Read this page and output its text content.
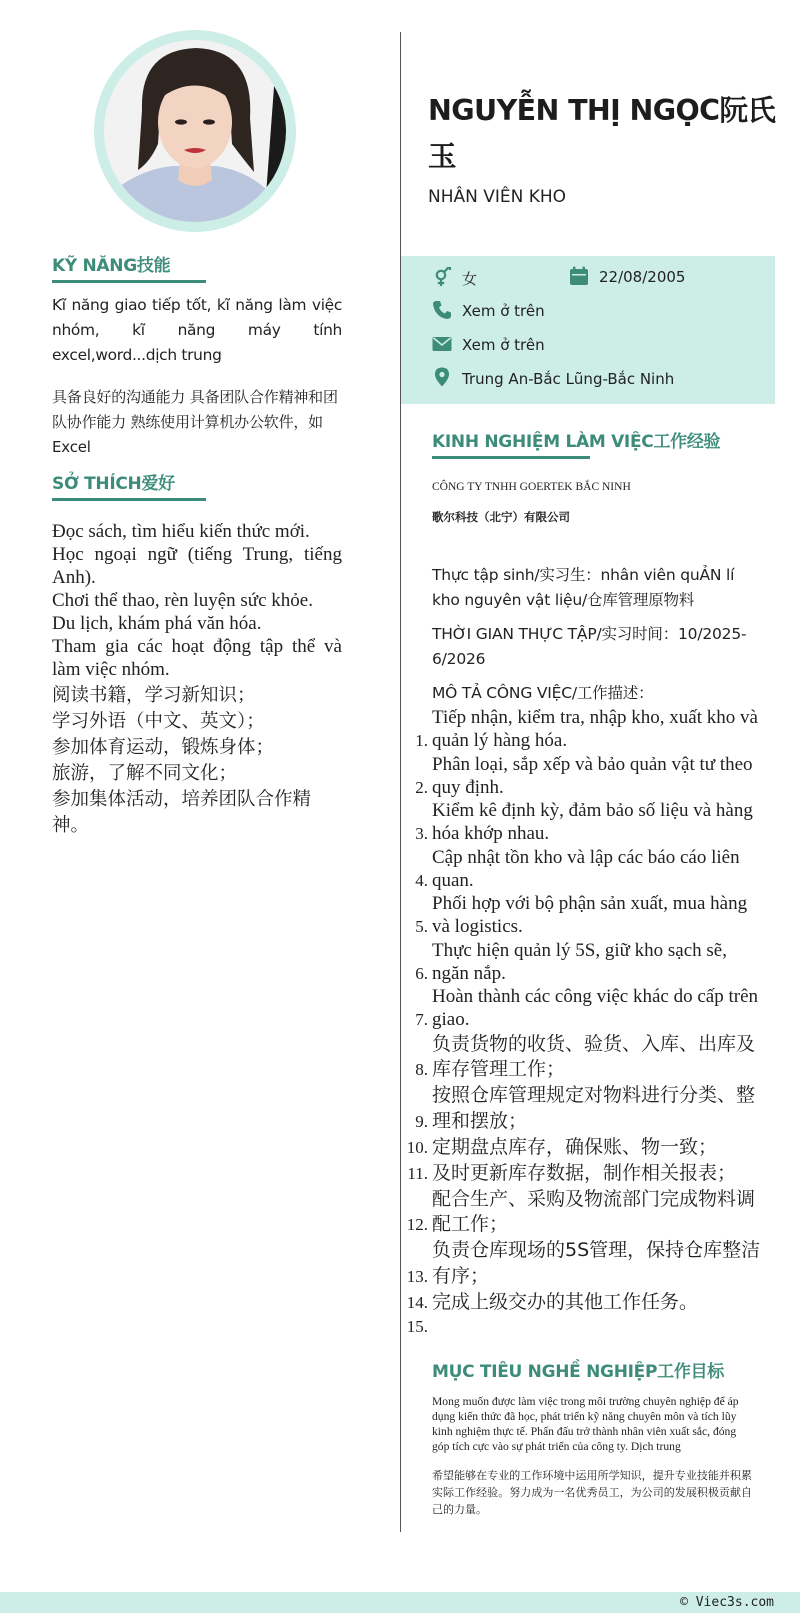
KỸ NĂNG技能
Kĩ năng giao tiếp tốt, kĩ năng làm việc nhóm, kĩ năng máy tính excel,word...dịch trung
具备良好的沟通能力 具备团队合作精神和团队协作能力 熟练使用计算机办公软件，如 Excel
SỞ THÍCH爱好
Đọc sách, tìm hiểu kiến thức mới.
Học ngoại ngữ (tiếng Trung, tiếng Anh).
Chơi thể thao, rèn luyện sức khỏe.
Du lịch, khám phá văn hóa.
Tham gia các hoạt động tập thể và làm việc nhóm.
阅读书籍，学习新知识；
学习外语（中文、英文）；
参加体育运动，锻炼身体；
旅游，了解不同文化；
参加集体活动，培养团队合作精神。
NGUYỄN THỊ NGỌC阮氏
玉
NHÂN VIÊN KHO
女	22/08/2005
Xem ở trên
Xem ở trên
Trung An-Bắc Lũng-Bắc Ninh
KINH NGHIỆM LÀM VIỆC工作经验
CÔNG TY TNHH GOERTEK BẮC NINH
歌尔科技（北宁）有限公司
Thực tập sinh/实习生：nhân viên quẢN lí kho nguyên vật liệu/仓库管理原物料
THỜI GIAN THỰC TẬP/实习时间：10/2025-6/2026
MÔ TẢ CÔNG VIỆC/工作描述：
1.
Tiếp nhận, kiểm tra, nhập kho, xuất kho và quản lý hàng hóa.
2.
Phân loại, sắp xếp và bảo quản vật tư theo quy định.
3.
Kiểm kê định kỳ, đảm bảo số liệu và hàng hóa khớp nhau.
4.
Cập nhật tồn kho và lập các báo cáo liên quan.
5.
Phối hợp với bộ phận sản xuất, mua hàng và logistics.
6.
Thực hiện quản lý 5S, giữ kho sạch sẽ, ngăn nắp.
7.
Hoàn thành các công việc khác do cấp trên giao.
8.
负责货物的收货、验货、入库、出库及库存管理工作；
9.
按照仓库管理规定对物料进行分类、整理和摆放；
10. 定期盘点库存，确保账、物一致；
11. 及时更新库存数据，制作相关报表；
12.
配合生产、采购及物流部门完成物料调配工作；
13.
负责仓库现场的5S管理，保持仓库整洁有序；
14. 完成上级交办的其他工作任务。
15.
MỤC TIÊU NGHỀ NGHIỆP工作目标
Mong muốn được làm việc trong môi trường chuyên nghiệp để áp dụng kiến thức đã học, phát triển kỹ năng chuyên môn và tích lũy kinh nghiệm thực tế. Phấn đấu trở thành nhân viên xuất sắc, đóng góp tích cực vào sự phát triển của công ty. Dịch trung
希望能够在专业的工作环境中运用所学知识，提升专业技能并积累实际工作经验。努力成为一名优秀员工，为公司的发展积极贡献自己的力量。
© Viec3s.com
